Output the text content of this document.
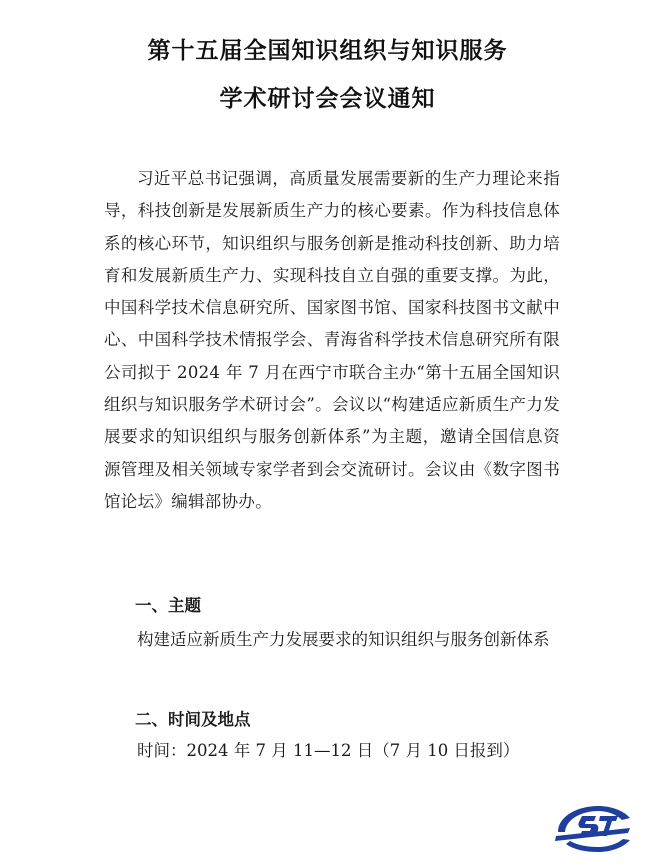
第十五届全国知识组织与知识服务
学术研讨会会议通知

习近平总书记强调，高质量发展需要新的生产力理论来指导，科技创新是发展新质生产力的核心要素。作为科技信息体系的核心环节，知识组织与服务创新是推动科技创新、助力培育和发展新质生产力、实现科技自立自强的重要支撑。为此，中国科学技术信息研究所、国家图书馆、国家科技图书文献中心、中国科学技术情报学会、青海省科学技术信息研究所有限公司拟于 2024 年 7 月在西宁市联合主办“第十五届全国知识组织与知识服务学术研讨会”。会议以“构建适应新质生产力发展要求的知识组织与服务创新体系”为主题，邀请全国信息资源管理及相关领域专家学者到会交流研讨。会议由《数字图书馆论坛》编辑部协办。

一、主题

构建适应新质生产力发展要求的知识组织与服务创新体系

二、时间及地点

时间：2024 年 7 月 11—12 日（7 月 10 日报到）
